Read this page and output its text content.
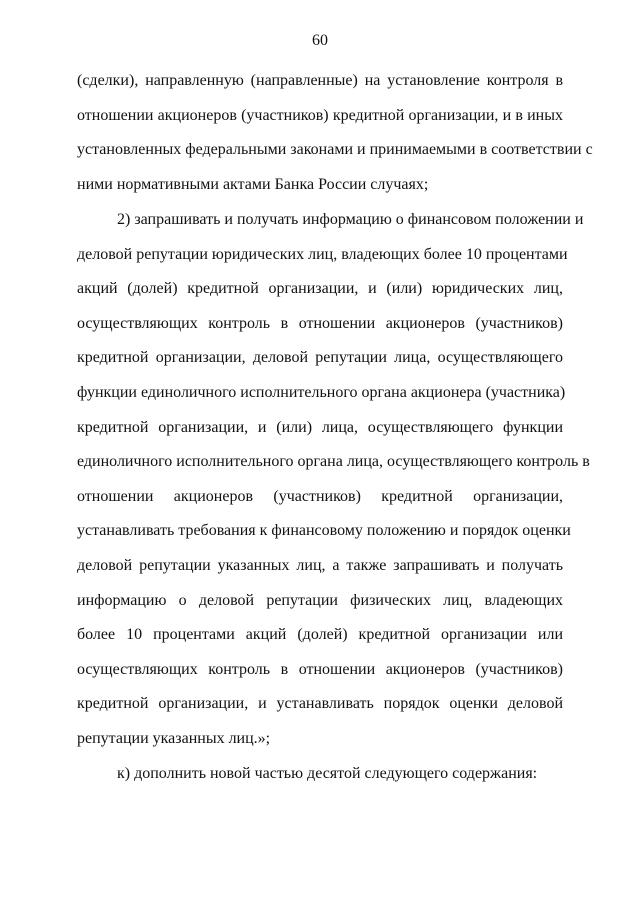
60
(сделки), направленную (направленные) на установление контроля в
отношении акционеров (участников) кредитной организации, и в иных
установленных федеральными законами и принимаемыми в соответствии с
ними нормативными актами Банка России случаях;
2) запрашивать и получать информацию о финансовом положении и
деловой репутации юридических лиц, владеющих более 10 процентами
акций (долей) кредитной организации, и (или) юридических лиц,
осуществляющих контроль в отношении акционеров (участников)
кредитной организации, деловой репутации лица, осуществляющего
функции единоличного исполнительного органа акционера (участника)
кредитной организации, и (или) лица, осуществляющего функции
единоличного исполнительного органа лица, осуществляющего контроль в
отношении акционеров (участников) кредитной организации,
устанавливать требования к финансовому положению и порядок оценки
деловой репутации указанных лиц, а также запрашивать и получать
информацию о деловой репутации физических лиц, владеющих
более 10 процентами акций (долей) кредитной организации или
осуществляющих контроль в отношении акционеров (участников)
кредитной организации, и устанавливать порядок оценки деловой
репутации указанных лиц.»;
к) дополнить новой частью десятой следующего содержания:
